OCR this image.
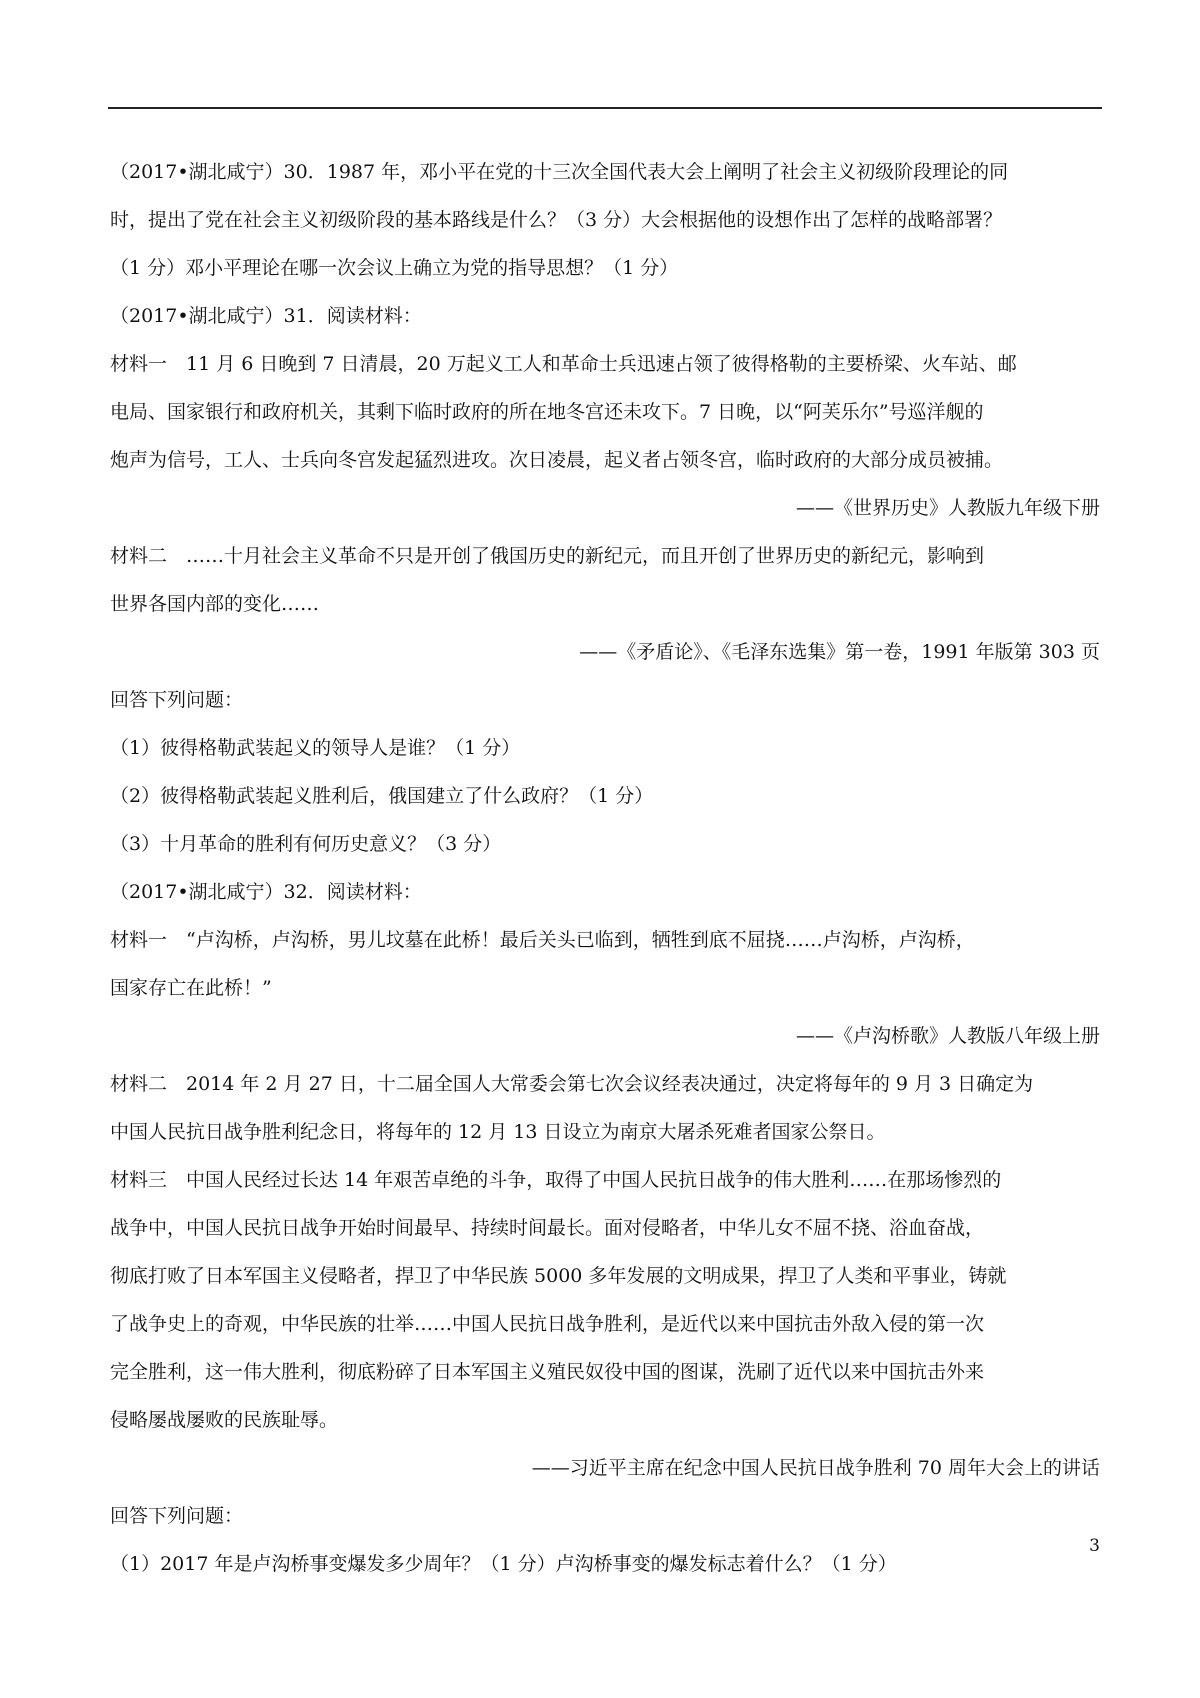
（2017•湖北咸宁）30．1987 年，邓小平在党的十三次全国代表大会上阐明了社会主义初级阶段理论的同
时，提出了党在社会主义初级阶段的基本路线是什么？（3 分）大会根据他的设想作出了怎样的战略部署？
（1 分）邓小平理论在哪一次会议上确立为党的指导思想？（1 分）
（2017•湖北咸宁）31．阅读材料：
材料一　11 月 6 日晚到 7 日清晨，20 万起义工人和革命士兵迅速占领了彼得格勒的主要桥梁、火车站、邮
电局、国家银行和政府机关，其剩下临时政府的所在地冬宫还未攻下。7 日晚，以“阿芙乐尔”号巡洋舰的
炮声为信号，工人、士兵向冬宫发起猛烈进攻。次日凌晨，起义者占领冬宫，临时政府的大部分成员被捕。
——《世界历史》人教版九年级下册
材料二　……十月社会主义革命不只是开创了俄国历史的新纪元，而且开创了世界历史的新纪元，影响到
世界各国内部的变化……
——《矛盾论》、《毛泽东选集》第一卷，1991 年版第 303 页
回答下列问题：
（1）彼得格勒武装起义的领导人是谁？（1 分）
（2）彼得格勒武装起义胜利后，俄国建立了什么政府？（1 分）
（3）十月革命的胜利有何历史意义？（3 分）
（2017•湖北咸宁）32．阅读材料：
材料一　“卢沟桥，卢沟桥，男儿坟墓在此桥！最后关头已临到，牺牲到底不屈挠……卢沟桥，卢沟桥，
国家存亡在此桥！”
——《卢沟桥歌》人教版八年级上册
材料二　2014 年 2 月 27 日，十二届全国人大常委会第七次会议经表决通过，决定将每年的 9 月 3 日确定为
中国人民抗日战争胜利纪念日，将每年的 12 月 13 日设立为南京大屠杀死难者国家公祭日。
材料三　中国人民经过长达 14 年艰苦卓绝的斗争，取得了中国人民抗日战争的伟大胜利……在那场惨烈的
战争中，中国人民抗日战争开始时间最早、持续时间最长。面对侵略者，中华儿女不屈不挠、浴血奋战，
彻底打败了日本军国主义侵略者，捍卫了中华民族 5000 多年发展的文明成果，捍卫了人类和平事业，铸就
了战争史上的奇观，中华民族的壮举……中国人民抗日战争胜利，是近代以来中国抗击外敌入侵的第一次
完全胜利，这一伟大胜利，彻底粉碎了日本军国主义殖民奴役中国的图谋，洗刷了近代以来中国抗击外来
侵略屡战屡败的民族耻辱。
——习近平主席在纪念中国人民抗日战争胜利 70 周年大会上的讲话
回答下列问题：
（1）2017 年是卢沟桥事变爆发多少周年？（1 分）卢沟桥事变的爆发标志着什么？（1 分）
3
